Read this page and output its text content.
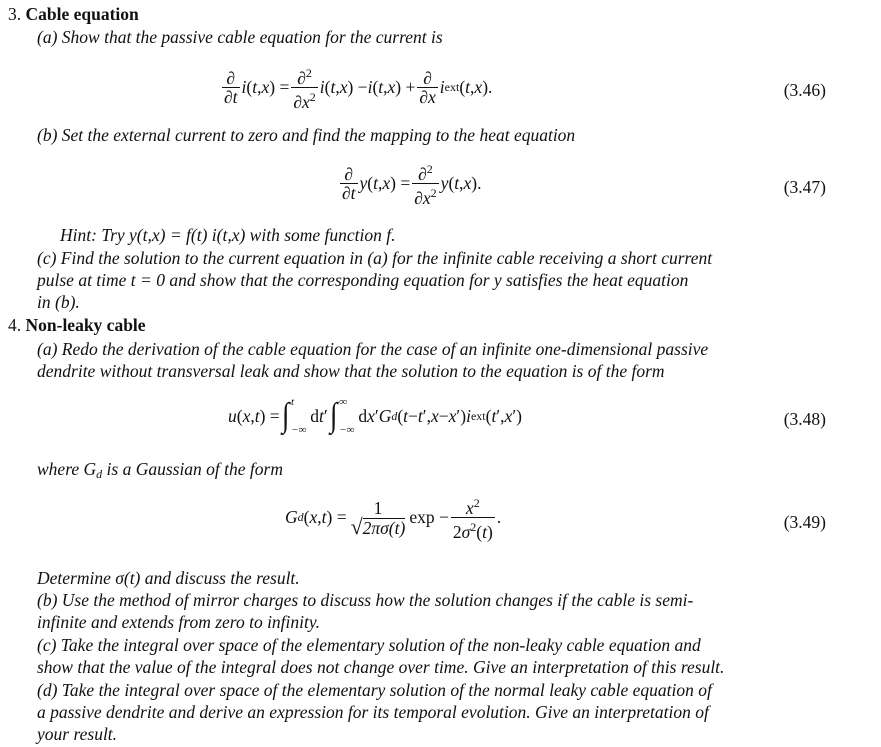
3. Cable equation
(a) Show that the passive cable equation for the current is
∂
∂t i ( t , x ) = ∂$^2$
$\partial x^2$ i ( t , x ) − i ( t , x ) + ∂
∂x i ext ( t , x ).	(3.46)
(b) Set the external current to zero and find the mapping to the heat equation
∂
∂t y ( t , x ) = ∂$^2$
$\partial x^2$ y ( t , x ).	(3.47)
Hint: Try y(t,x) = f(t) i(t,x) with some function f.
(c) Find the solution to the current equation in (a) for the infinite cable receiving a short current
pulse at time t = 0 and show that the corresponding equation for y satisfies the heat equation
in (b).
4. Non-leaky cable
(a) Redo the derivation of the cable equation for the case of an infinite one-dimensional passive
dendrite without transversal leak and show that the solution to the equation is of the form
u ( x , t ) = ∫ t
−∞
d t ′ ∫ ∞
−∞
d x ′ G d ( t − t ′, x − x ′) i ext ( t ′, x ′)	(3.48)
where $G_d$ is a Gaussian of the form
G d ( x , t ) = 1
√ 2πσ(t)
$\exp - x^2$
$2\sigma^2(t)$
.	(3.49)
Determine σ(t) and discuss the result.
(b) Use the method of mirror charges to discuss how the solution changes if the cable is semi-
infinite and extends from zero to infinity.
(c) Take the integral over space of the elementary solution of the non-leaky cable equation and
show that the value of the integral does not change over time. Give an interpretation of this result.
(d) Take the integral over space of the elementary solution of the normal leaky cable equation of
a passive dendrite and derive an expression for its temporal evolution. Give an interpretation of
your result.
